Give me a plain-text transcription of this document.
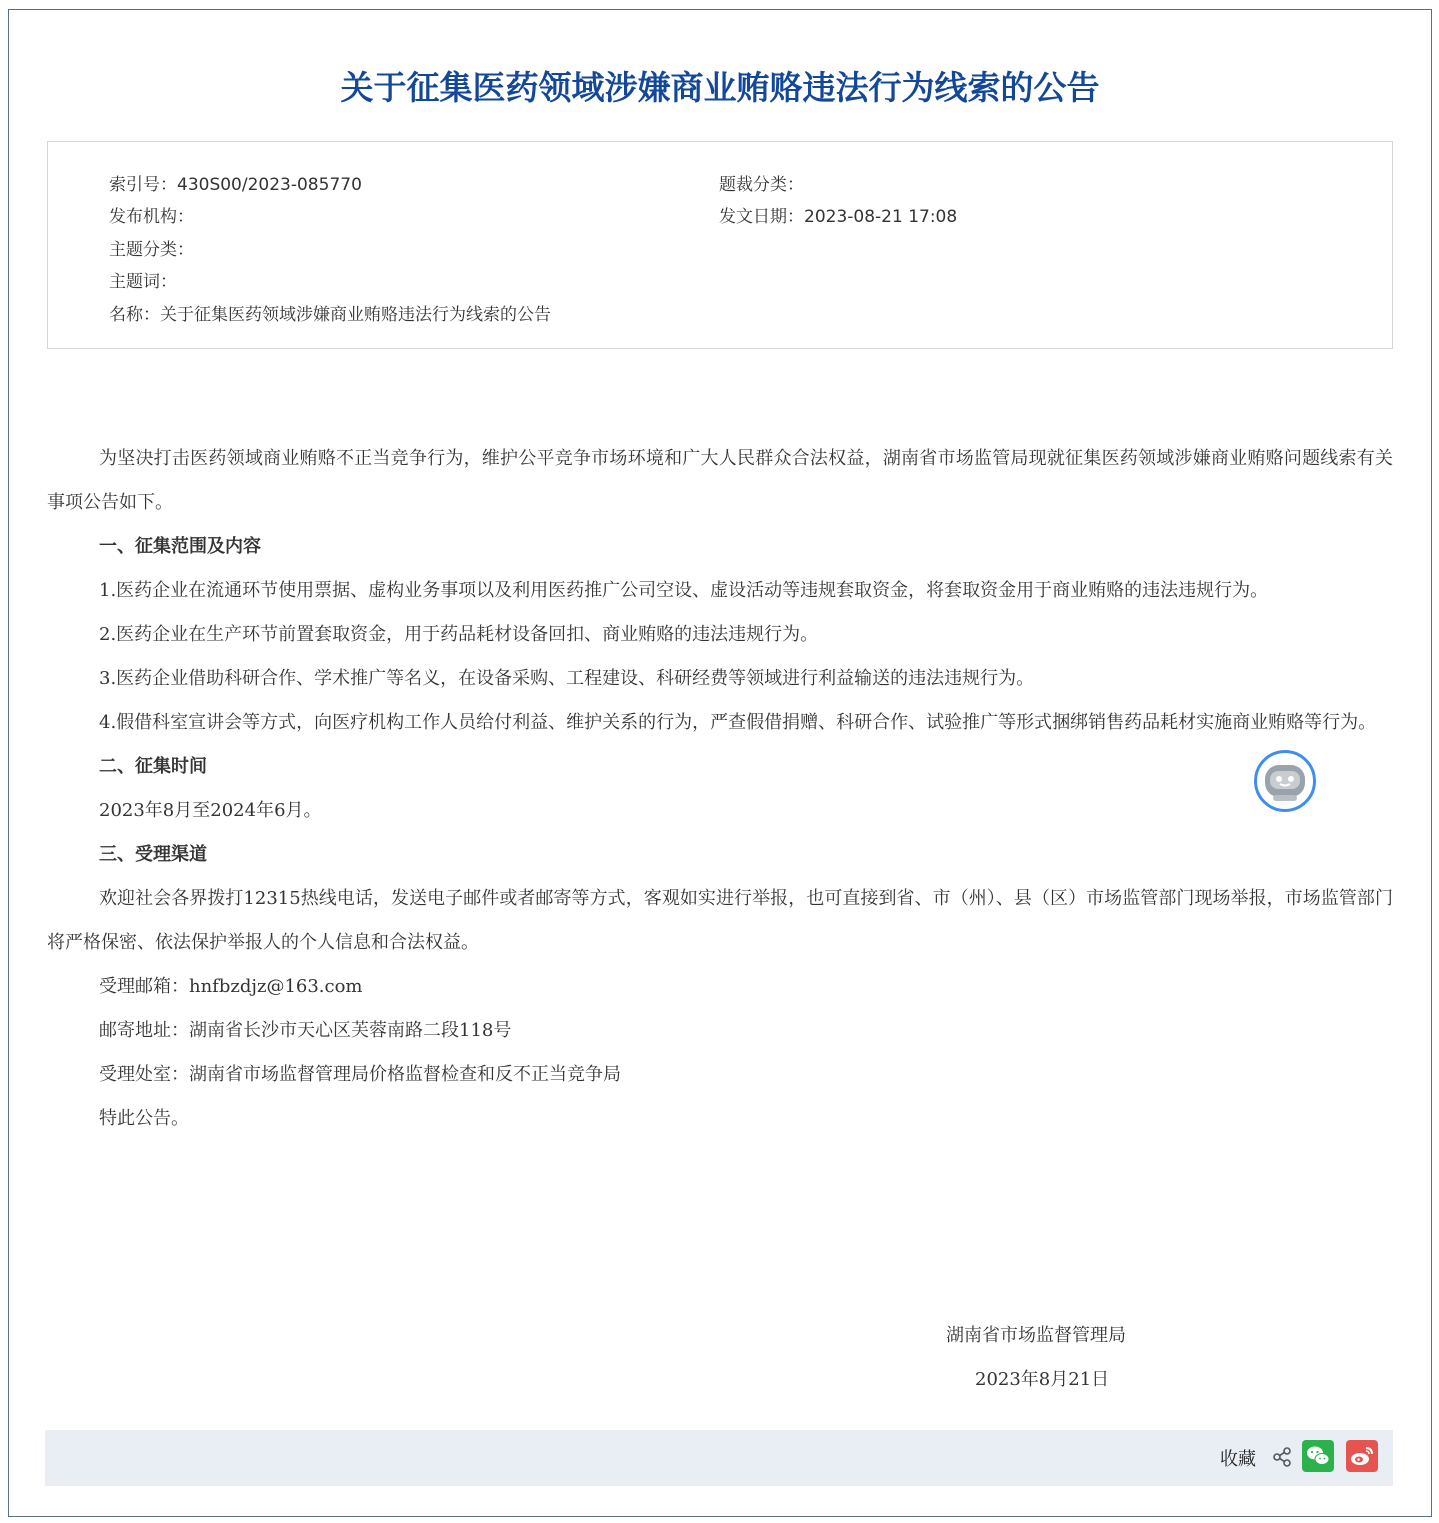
关于征集医药领域涉嫌商业贿赂违法行为线索的公告
索引号：430S00/2023-085770	题裁分类：
发布机构：	发文日期：2023-08-21 17:08
主题分类：
主题词：
名称：关于征集医药领域涉嫌商业贿赂违法行为线索的公告

为坚决打击医药领域商业贿赂不正当竞争行为，维护公平竞争市场环境和广大人民群众合法权益，湖南省市场监管局现就征集医药领域涉嫌商业贿赂问题线索有关事项公告如下。

一、征集范围及内容

1.医药企业在流通环节使用票据、虚构业务事项以及利用医药推广公司空设、虚设活动等违规套取资金，将套取资金用于商业贿赂的违法违规行为。

2.医药企业在生产环节前置套取资金，用于药品耗材设备回扣、商业贿赂的违法违规行为。

3.医药企业借助科研合作、学术推广等名义，在设备采购、工程建设、科研经费等领域进行利益输送的违法违规行为。

4.假借科室宣讲会等方式，向医疗机构工作人员给付利益、维护关系的行为，严查假借捐赠、科研合作、试验推广等形式捆绑销售药品耗材实施商业贿赂等行为。

二、征集时间

2023年8月至2024年6月。

三、受理渠道

欢迎社会各界拨打12315热线电话，发送电子邮件或者邮寄等方式，客观如实进行举报，也可直接到省、市（州）、县（区）市场监管部门现场举报，市场监管部门将严格保密、依法保护举报人的个人信息和合法权益。

受理邮箱：hnfbzdjz@163.com

邮寄地址：湖南省长沙市天心区芙蓉南路二段118号

受理处室：湖南省市场监督管理局价格监督检查和反不正当竞争局

特此公告。

湖南省市场监督管理局
2023年8月21日
收藏
